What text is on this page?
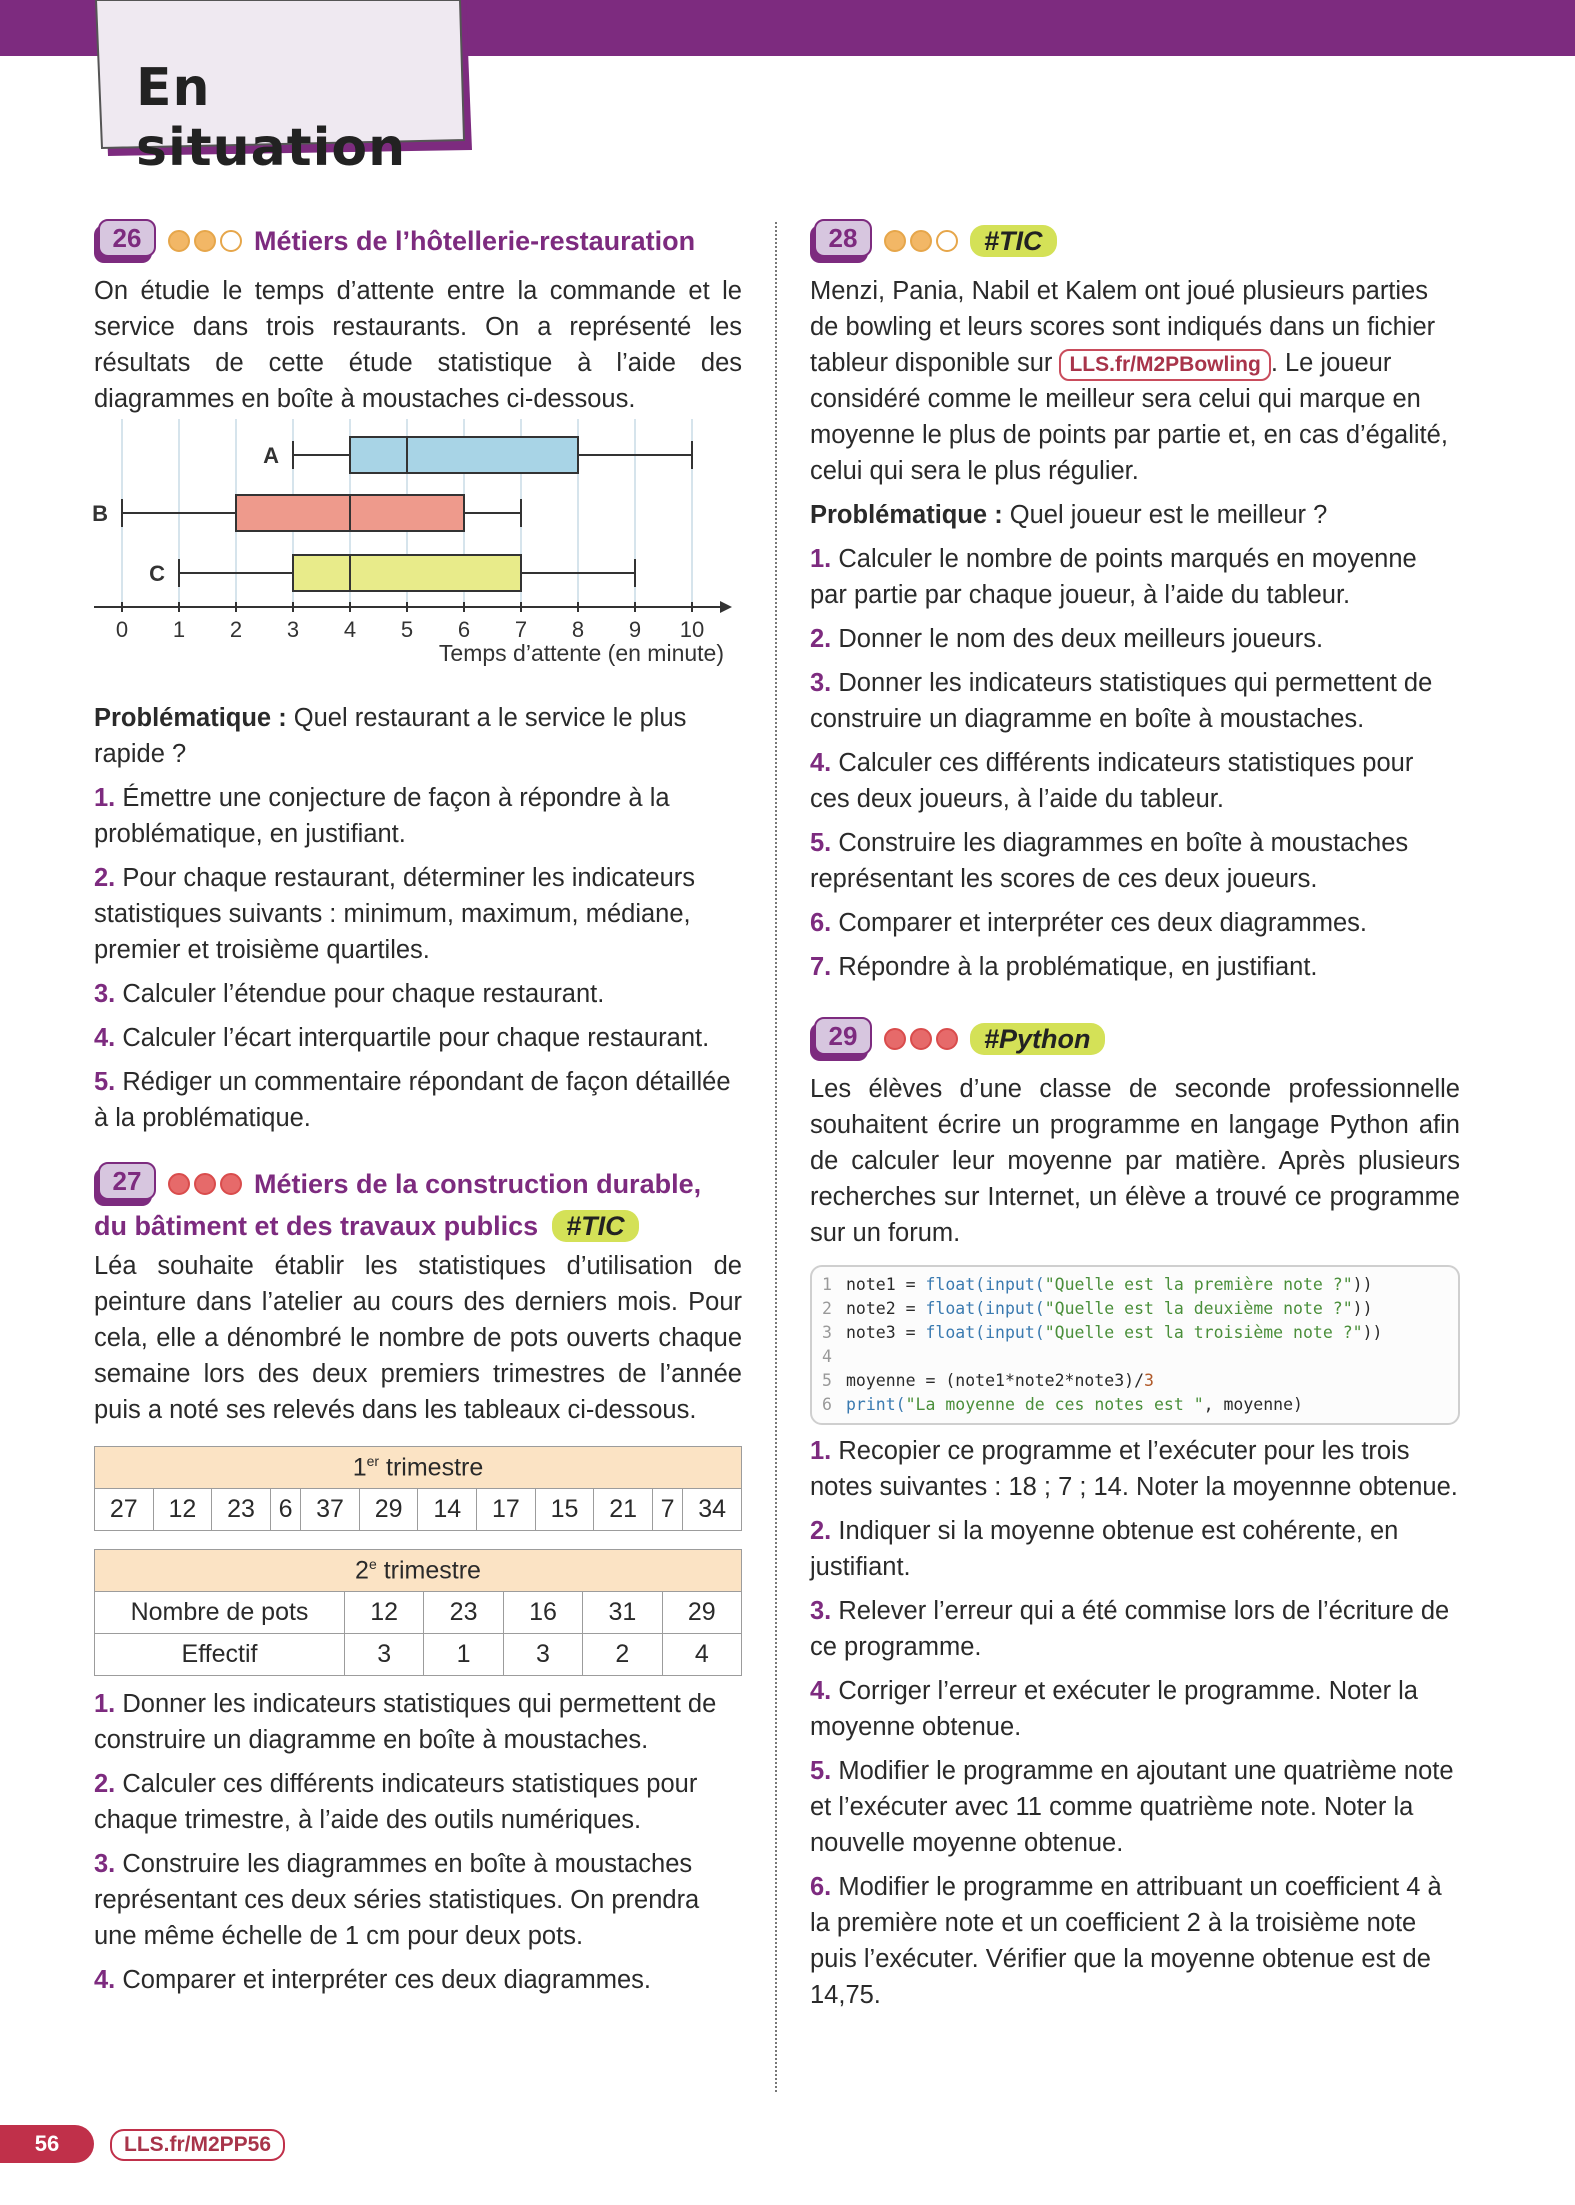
En situation
26	Métiers de l’hôtellerie-restauration

On étudie le temps d’attente entre la commande et le service dans trois restaurants. On a représenté les résultats de cette étude statistique à l’aide des diagrammes en boîte à moustaches ci-dessous.

0 1 2 3 4 5 6 7 8 9 10
Temps d’attente (en minute)
A
B
C
Problématique : Quel restaurant a le service le plus rapide ?
1. Émettre une conjecture de façon à répondre à la problématique, en justifiant.
2. Pour chaque restaurant, déterminer les indicateurs statistiques suivants : minimum, maximum, médiane, premier et troisième quartiles.
3. Calculer l’étendue pour chaque restaurant.
4. Calculer l’écart interquartile pour chaque restaurant.
5. Rédiger un commentaire répondant de façon détaillée à la problématique.
27	Métiers de la construction durable,
du bâtiment et des travaux publics	#TIC

Léa souhaite établir les statistiques d’utilisation de peinture dans l’atelier au cours des derniers mois. Pour cela, elle a dénombré le nombre de pots ouverts chaque semaine lors des deux premiers trimestres de l’année puis a noté ses relevés dans les tableaux ci-dessous.

1er trimestre
27	12	23	6	37	29	14	17	15	21	7	34
2e trimestre					
Nombre de pots	12	23	16	31	29
Effectif	3	1	3	2	4
1. Donner les indicateurs statistiques qui permettent de construire un diagramme en boîte à moustaches.
2. Calculer ces différents indicateurs statistiques pour chaque trimestre, à l’aide des outils numériques.
3. Construire les diagrammes en boîte à moustaches représentant ces deux séries statistiques. On prendra une même échelle de 1 cm pour deux pots.
4. Comparer et interpréter ces deux diagrammes.
28	#TIC

Menzi, Pania, Nabil et Kalem ont joué plusieurs parties de bowling et leurs scores sont indiqués dans un fichier tableur disponible sur LLS.fr/M2PBowling . Le joueur considéré comme le meilleur sera celui qui marque en moyenne le plus de points par partie et, en cas d’égalité, celui qui sera le plus régulier.

Problématique : Quel joueur est le meilleur ?
1. Calculer le nombre de points marqués en moyenne par partie par chaque joueur, à l’aide du tableur.
2. Donner le nom des deux meilleurs joueurs.
3. Donner les indicateurs statistiques qui permettent de construire un diagramme en boîte à moustaches.
4. Calculer ces différents indicateurs statistiques pour ces deux joueurs, à l’aide du tableur.
5. Construire les diagrammes en boîte à moustaches représentant les scores de ces deux joueurs.
6. Comparer et interpréter ces deux diagrammes.
7. Répondre à la problématique, en justifiant.
29	#Python

Les élèves d’une classe de seconde professionnelle souhaitent écrire un programme en langage Python afin de calculer leur moyenne par matière. Après plusieurs recherches sur Internet, un élève a trouvé ce programme sur un forum.

1 note1 = float(input("Quelle est la première note ?"))
2 note2 = float(input("Quelle est la deuxième note ?"))
3 note3 = float(input("Quelle est la troisième note ?"))
4
5 moyenne = (note1*note2*note3)/3
6 print("La moyenne de ces notes est ", moyenne)
1. Recopier ce programme et l’exécuter pour les trois notes suivantes : 18 ; 7 ; 14. Noter la moyennne obtenue.
2. Indiquer si la moyenne obtenue est cohérente, en justifiant.
3. Relever l’erreur qui a été commise lors de l’écriture de ce programme.
4. Corriger l’erreur et exécuter le programme. Noter la moyenne obtenue.
5. Modifier le programme en ajoutant une quatrième note et l’exécuter avec 11 comme quatrième note. Noter la nouvelle moyenne obtenue.
6. Modifier le programme en attribuant un coefficient 4 à la première note et un coefficient 2 à la troisième note puis l’exécuter. Vérifier que la moyenne obtenue est de 14,75.
56	LLS.fr/M2PP56
